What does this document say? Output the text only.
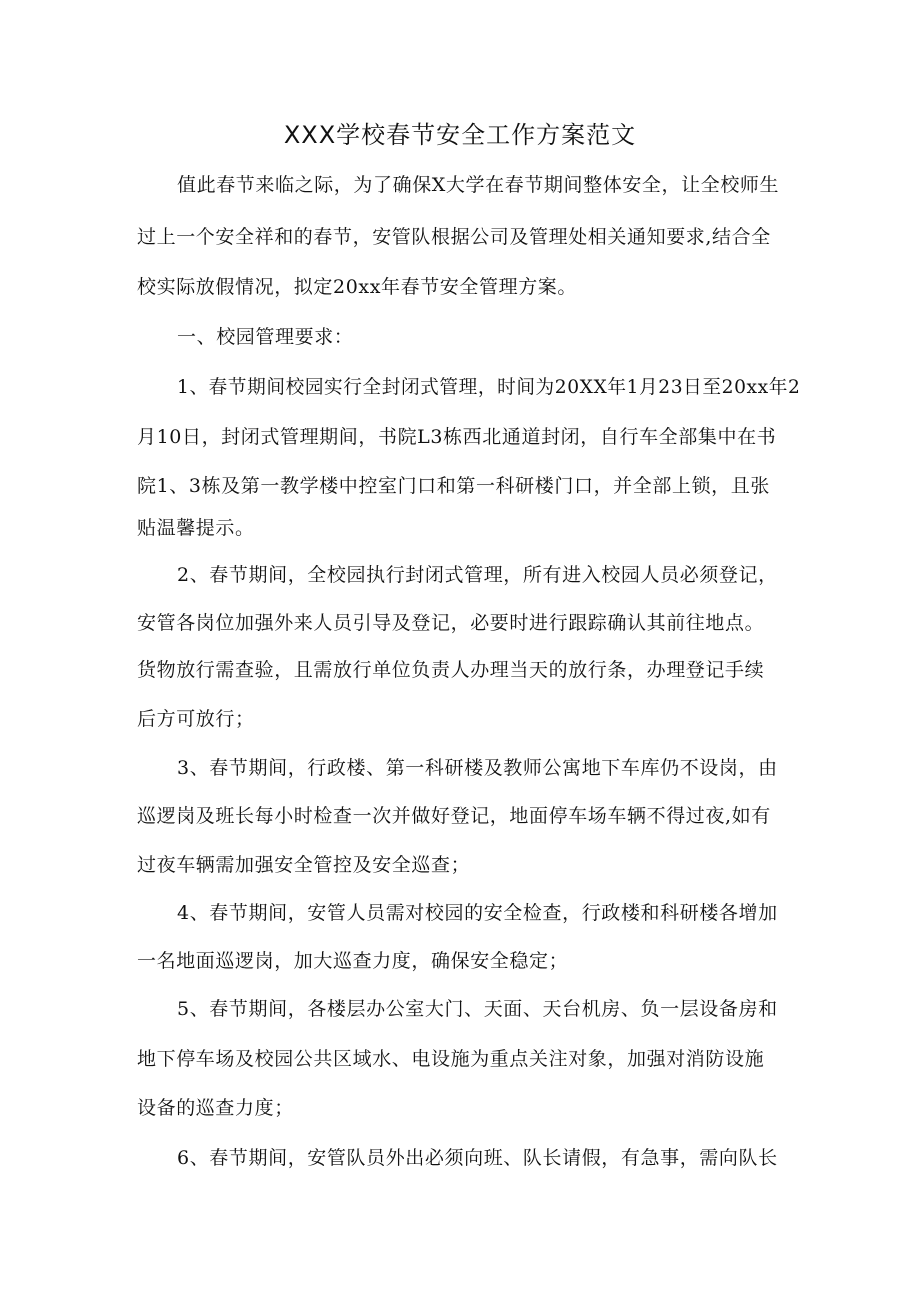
XXX学校春节安全工作方案范文
值此春节来临之际，为了确保X大学在春节期间整体安全，让全校师生
过上一个安全祥和的春节，安管队根据公司及管理处相关通知要求,结合全
校实际放假情况，拟定20xx年春节安全管理方案。
一、校园管理要求：
1、春节期间校园实行全封闭式管理，时间为20XX年1月23日至20xx年2
月10日，封闭式管理期间，书院L3栋西北通道封闭，自行车全部集中在书
院1、3栋及第一教学楼中控室门口和第一科研楼门口，并全部上锁，且张
贴温馨提示。
2、春节期间，全校园执行封闭式管理，所有进入校园人员必须登记，
安管各岗位加强外来人员引导及登记，必要时进行跟踪确认其前往地点。
货物放行需查验，且需放行单位负责人办理当天的放行条，办理登记手续
后方可放行；
3、春节期间，行政楼、第一科研楼及教师公寓地下车库仍不设岗，由
巡逻岗及班长每小时检查一次并做好登记，地面停车场车辆不得过夜,如有
过夜车辆需加强安全管控及安全巡查；
4、春节期间，安管人员需对校园的安全检查，行政楼和科研楼各增加
一名地面巡逻岗，加大巡查力度，确保安全稳定；
5、春节期间，各楼层办公室大门、天面、天台机房、负一层设备房和
地下停车场及校园公共区域水、电设施为重点关注对象，加强对消防设施
设备的巡查力度；
6、春节期间，安管队员外出必须向班、队长请假，有急事，需向队长
